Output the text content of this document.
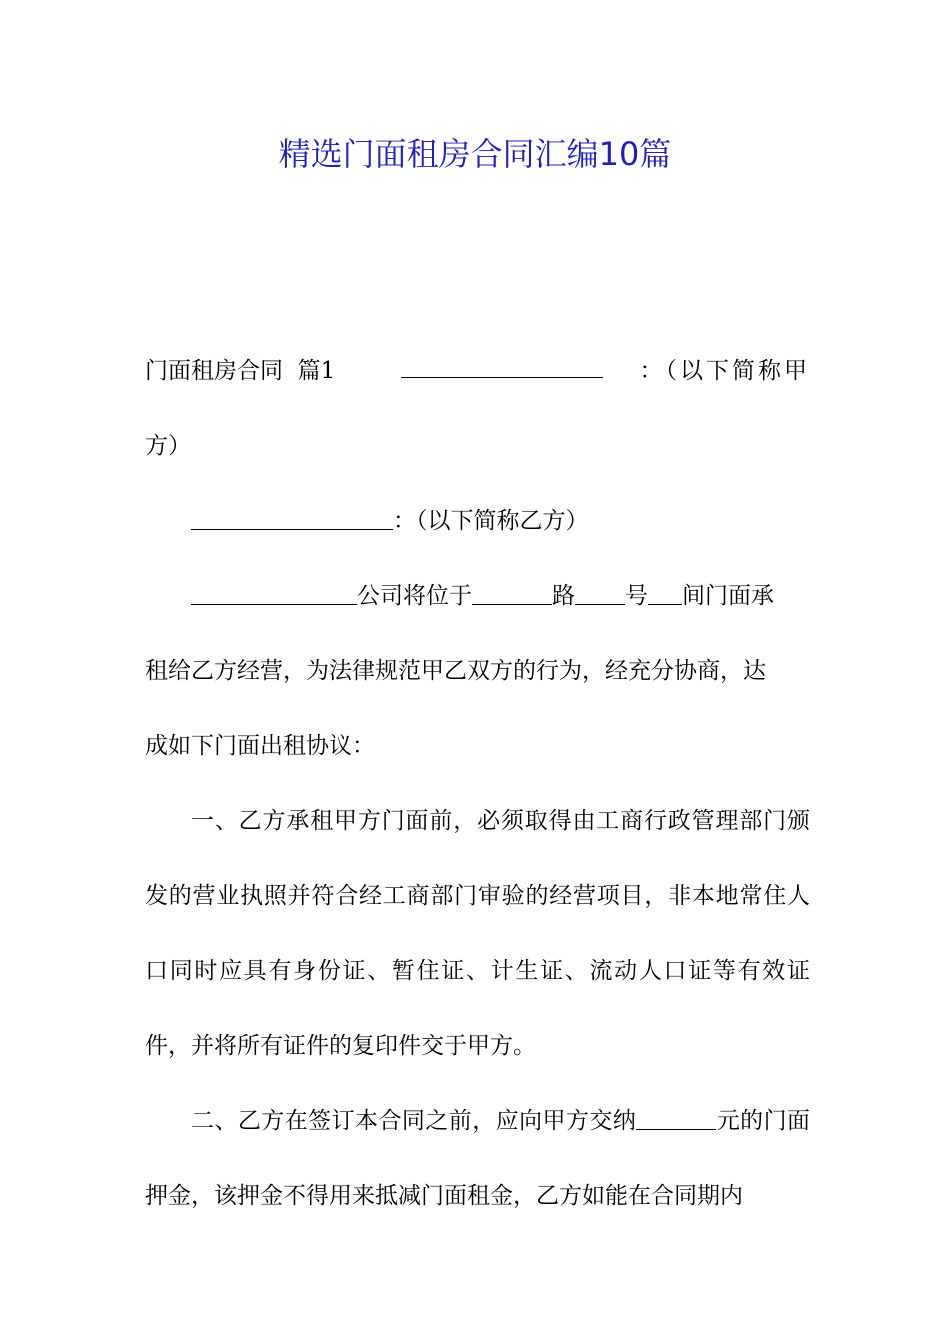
精选门面租房合同汇编10篇
门面租房合同  篇1	：（以下简称甲

方）

：（以下简称乙方）

公司将位于	路 号 间门面承
租给乙方经营，为法律规范甲乙双方的行为，经充分协商，达
成如下门面出租协议：

一、乙方承租甲方门面前，必须取得由工商行政管理部门颁发的营业执照并符合经工商部门审验的经营项目，非本地常住人口同时应具有身份证、暂住证、计生证、流动人口证等有效证件，并将所有证件的复印件交于甲方。

二、乙方在签订本合同之前，应向甲方交纳	元的门面押金，该押金不得用来抵减门面租金，乙方如能在合同期内
